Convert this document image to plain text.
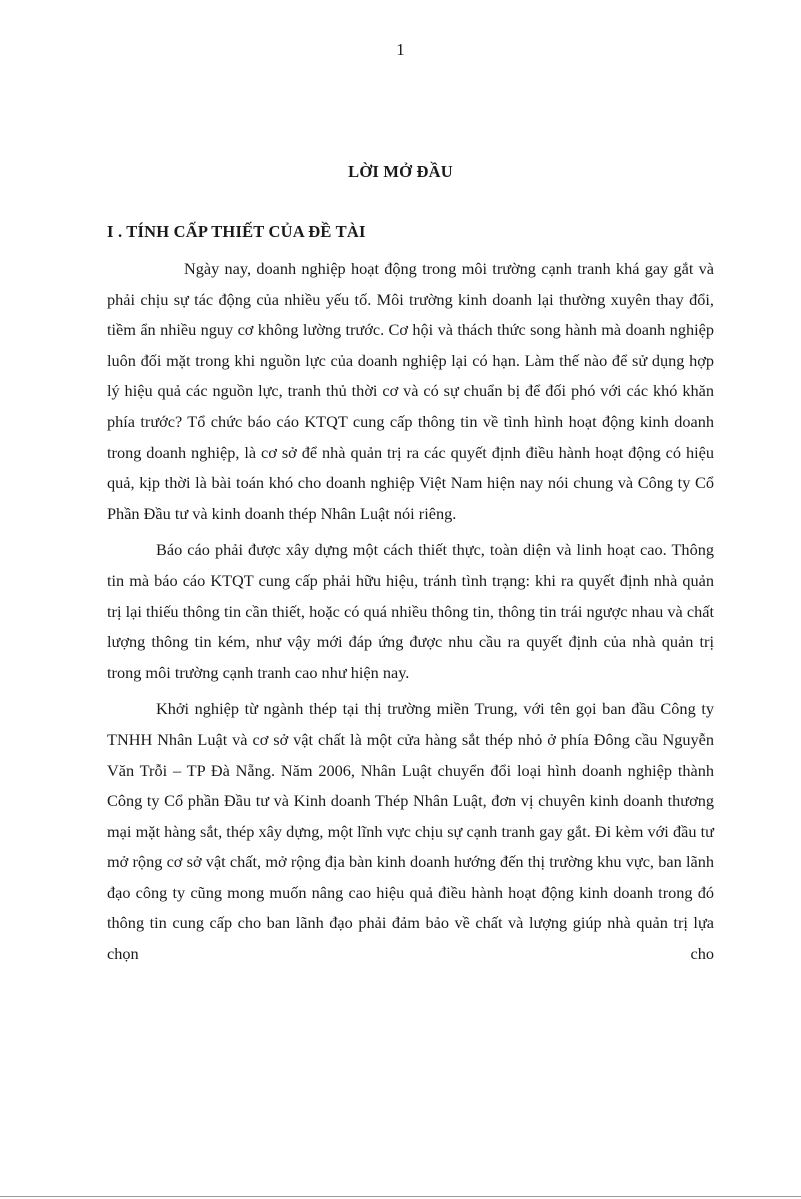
1
LỜI MỞ ĐẦU
I . TÍNH CẤP THIẾT CỦA ĐỀ TÀI

Ngày nay, doanh nghiệp hoạt động trong môi trường cạnh tranh khá gay gắt và phải chịu sự tác động của nhiều yếu tố. Môi trường kinh doanh lại thường xuyên thay đổi, tiềm ẩn nhiều nguy cơ không lường trước. Cơ hội và thách thức song hành mà doanh nghiệp luôn đối mặt trong khi nguồn lực của doanh nghiệp lại có hạn. Làm thế nào để sử dụng hợp lý hiệu quả các nguồn lực, tranh thủ thời cơ và có sự chuẩn bị để đối phó với các khó khăn phía trước? Tổ chức báo cáo KTQT cung cấp thông tin về tình hình hoạt động kinh doanh trong doanh nghiệp, là cơ sở để nhà quản trị ra các quyết định điều hành hoạt động có hiệu quả, kịp thời là bài toán khó cho doanh nghiệp Việt Nam hiện nay nói chung và Công ty Cổ Phần Đầu tư và kinh doanh thép Nhân Luật nói riêng.

Báo cáo phải được xây dựng một cách thiết thực, toàn diện và linh hoạt cao. Thông tin mà báo cáo KTQT cung cấp phải hữu hiệu, tránh tình trạng: khi ra quyết định nhà quản trị lại thiếu thông tin cần thiết, hoặc có quá nhiều thông tin, thông tin trái ngược nhau và chất lượng thông tin kém, như vậy mới đáp ứng được nhu cầu ra quyết định của nhà quản trị trong môi trường cạnh tranh cao như hiện nay.

Khởi nghiệp từ ngành thép tại thị trường miền Trung, với tên gọi ban đầu Công ty TNHH Nhân Luật và cơ sở vật chất là một cửa hàng sắt thép nhỏ ở phía Đông cầu Nguyễn Văn Trỗi – TP Đà Nẵng. Năm 2006, Nhân Luật chuyển đổi loại hình doanh nghiệp thành Công ty Cổ phần Đầu tư và Kinh doanh Thép Nhân Luật, đơn vị chuyên kinh doanh thương mại mặt hàng sắt, thép xây dựng, một lĩnh vực chịu sự cạnh tranh gay gắt. Đi kèm với đầu tư mở rộng cơ sở vật chất, mở rộng địa bàn kinh doanh hướng đến thị trường khu vực, ban lãnh đạo công ty cũng mong muốn nâng cao hiệu quả điều hành hoạt động kinh doanh trong đó thông tin cung cấp cho ban lãnh đạo phải đảm bảo về chất và lượng giúp nhà quản trị lựa chọn cho
